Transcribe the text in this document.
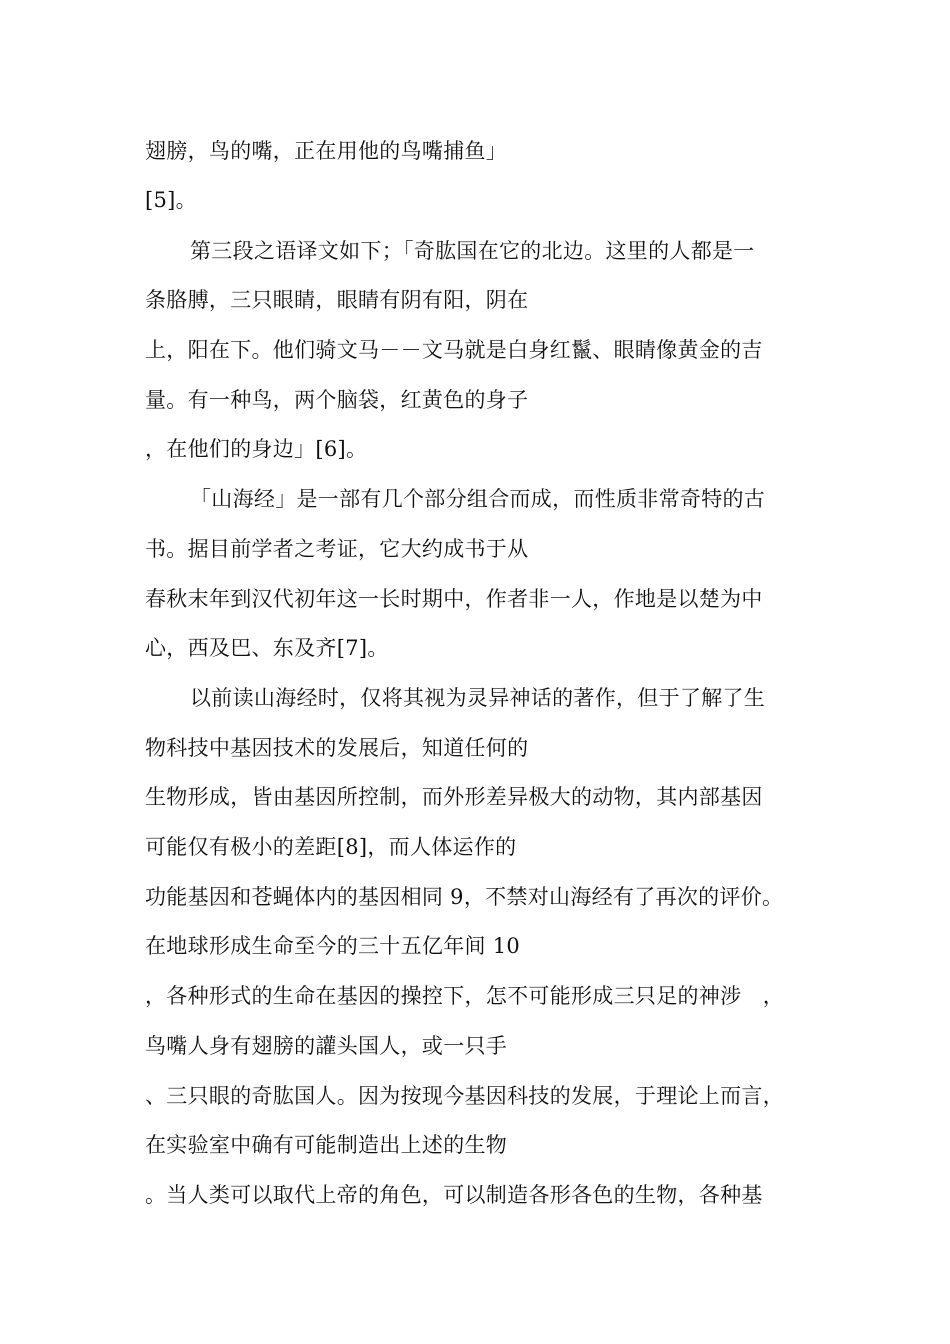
翅膀，鸟的嘴，正在用他的鸟嘴捕鱼」
[5]。
第三段之语译文如下；「奇肱国在它的北边。这里的人都是一
条胳膊，三只眼睛，眼睛有阴有阳，阴在
上，阳在下。他们骑文马－－文马就是白身红鬣、眼睛像黄金的吉
量。有一种鸟，两个脑袋，红黄色的身子
，在他们的身边」[6]。
「山海经」是一部有几个部分组合而成，而性质非常奇特的古
书。据目前学者之考证，它大约成书于从
春秋末年到汉代初年这一长时期中，作者非一人，作地是以楚为中
心，西及巴、东及齐[7]。
以前读山海经时，仅将其视为灵异神话的著作，但于了解了生
物科技中基因技术的发展后，知道任何的
生物形成，皆由基因所控制，而外形差异极大的动物，其内部基因
可能仅有极小的差距[8]，而人体运作的
功能基因和苍蝇体内的基因相同 9，不禁对山海经有了再次的评价。
在地球形成生命至今的三十五亿年间 10
，各种形式的生命在基因的操控下，怎不可能形成三只足的神涉　，
鸟嘴人身有翅膀的讙头国人，或一只手
、三只眼的奇肱国人。因为按现今基因科技的发展，于理论上而言，
在实验室中确有可能制造出上述的生物
。当人类可以取代上帝的角色，可以制造各形各色的生物，各种基
